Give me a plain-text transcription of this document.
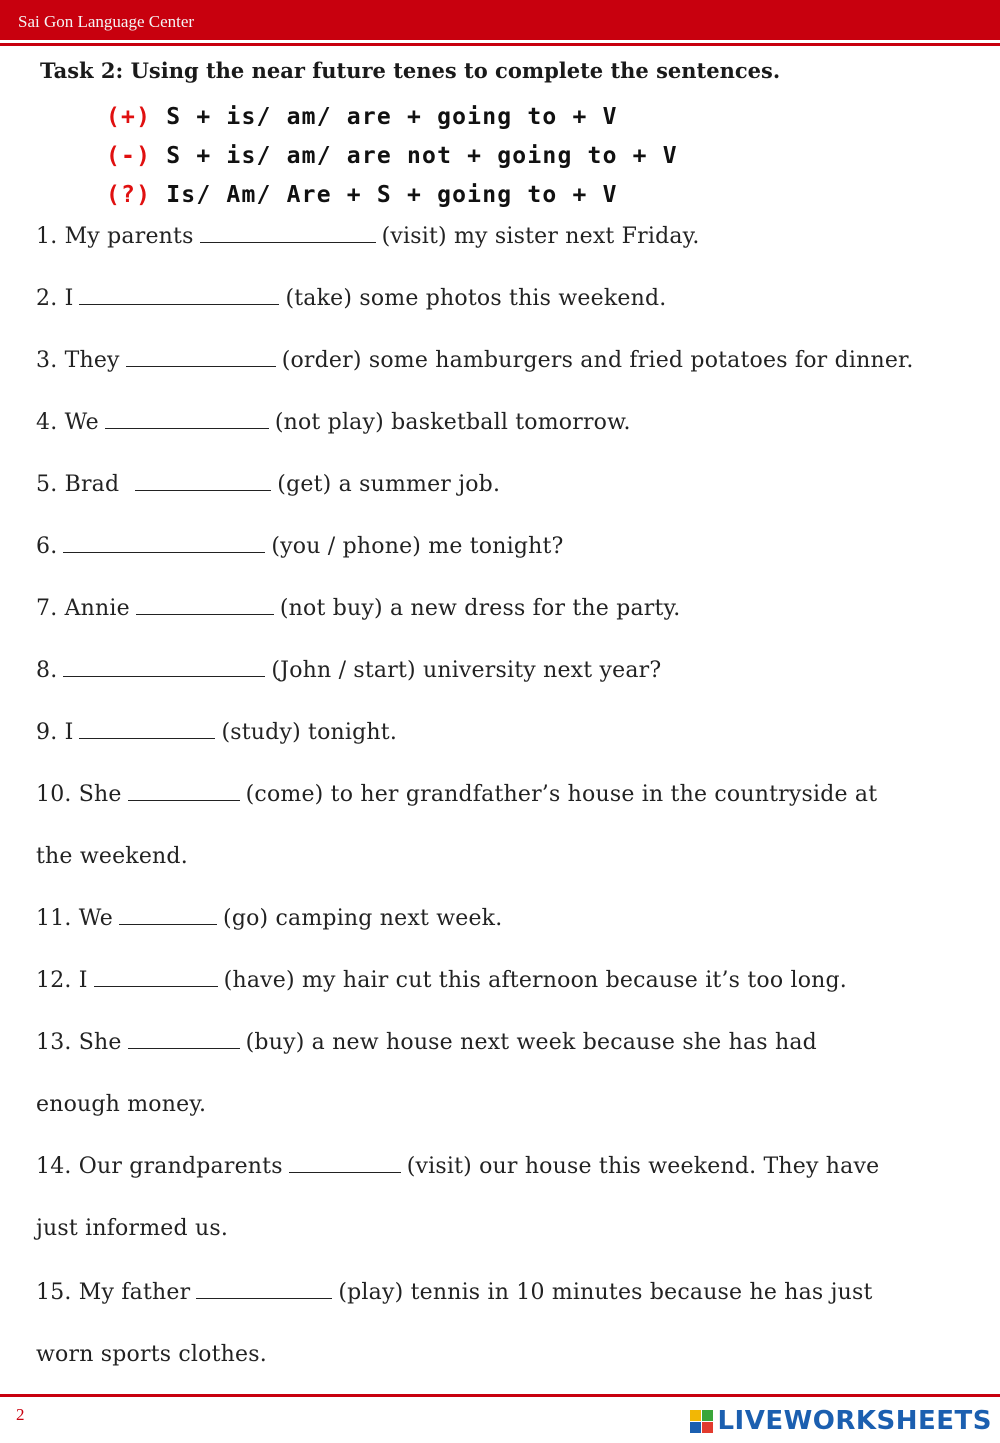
Sai Gon Language Center
Task 2: Using the near future tenes to complete the sentences.
(+) S + is/ am/ are + going to + V
(-) S + is/ am/ are not + going to + V
(?) Is/ Am/ Are + S + going to + V
1. My parents	(visit) my sister next Friday.
2. I	(take) some photos this weekend.
3. They	(order) some hamburgers and fried potatoes for dinner.
4. We	(not play) basketball tomorrow.
5. Brad	(get) a summer job.
6.	(you / phone) me tonight?
7. Annie	(not buy) a new dress for the party.
8.	(John / start) university next year?
9. I	(study) tonight.
10. She	(come) to her grandfather’s house in the countryside at
the weekend.
11. We	(go) camping next week.
12. I	(have) my hair cut this afternoon because it’s too long.
13. She	(buy) a new house next week because she has had
enough money.
14. Our grandparents	(visit) our house this weekend. They have
just informed us.
15. My father	(play) tennis in 10 minutes because he has just
worn sports clothes.
2	LIVEWORKSHEETS
